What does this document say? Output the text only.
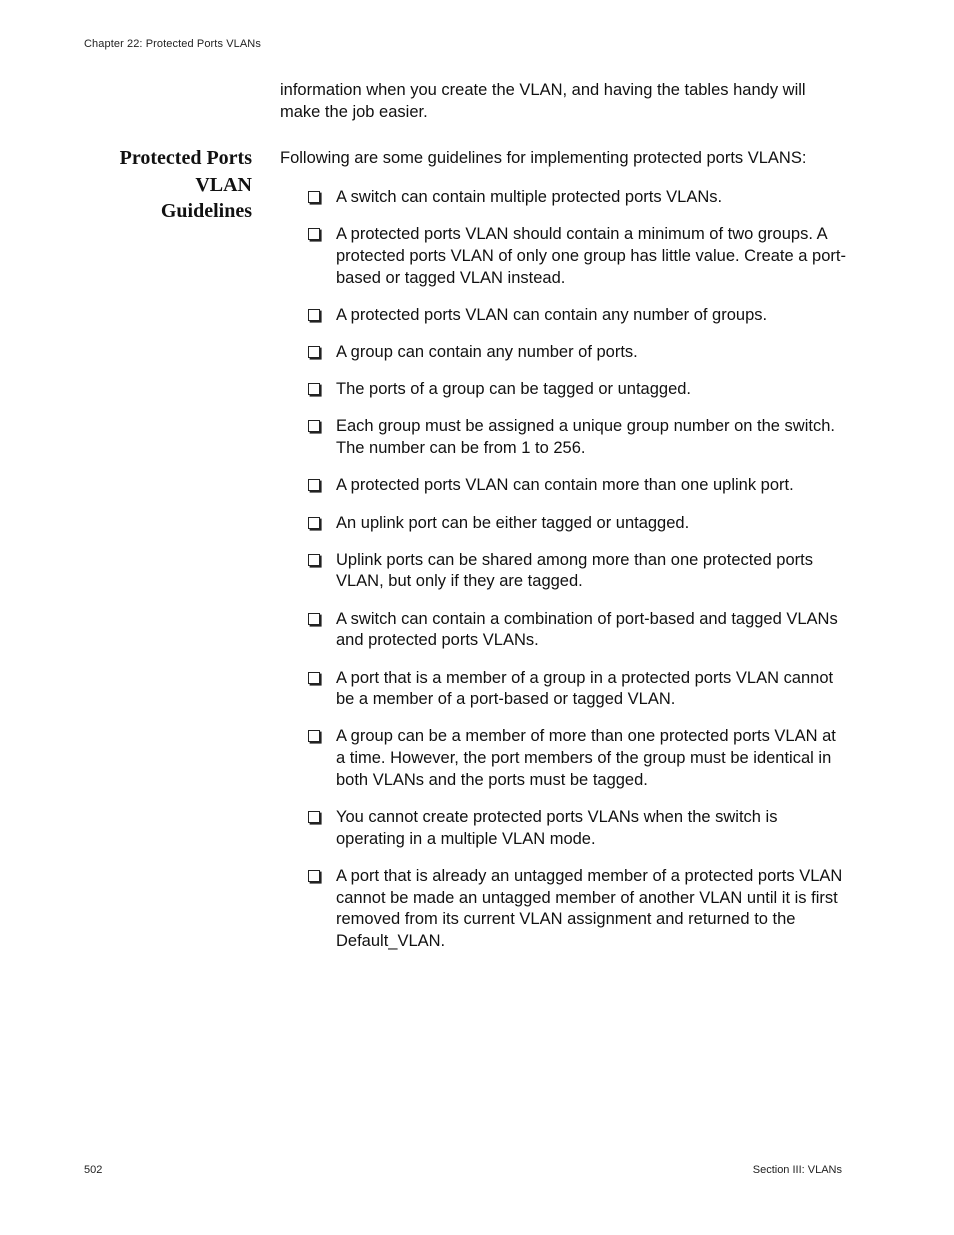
Chapter 22: Protected Ports VLANs
information when you create the VLAN, and having the tables handy will make the job easier.
Protected Ports
VLAN
Guidelines
Following are some guidelines for implementing protected ports VLANS:
A switch can contain multiple protected ports VLANs.
A protected ports VLAN should contain a minimum of two groups. A protected ports VLAN of only one group has little value. Create a port-based or tagged VLAN instead.
A protected ports VLAN can contain any number of groups.
A group can contain any number of ports.
The ports of a group can be tagged or untagged.
Each group must be assigned a unique group number on the switch. The number can be from 1 to 256.
A protected ports VLAN can contain more than one uplink port.
An uplink port can be either tagged or untagged.
Uplink ports can be shared among more than one protected ports VLAN, but only if they are tagged.
A switch can contain a combination of port-based and tagged VLANs and protected ports VLANs.
A port that is a member of a group in a protected ports VLAN cannot be a member of a port-based or tagged VLAN.
A group can be a member of more than one protected ports VLAN at a time. However, the port members of the group must be identical in both VLANs and the ports must be tagged.
You cannot create protected ports VLANs when the switch is operating in a multiple VLAN mode.
A port that is already an untagged member of a protected ports VLAN cannot be made an untagged member of another VLAN until it is first removed from its current VLAN assignment and returned to the Default_VLAN.
502	Section III: VLANs
